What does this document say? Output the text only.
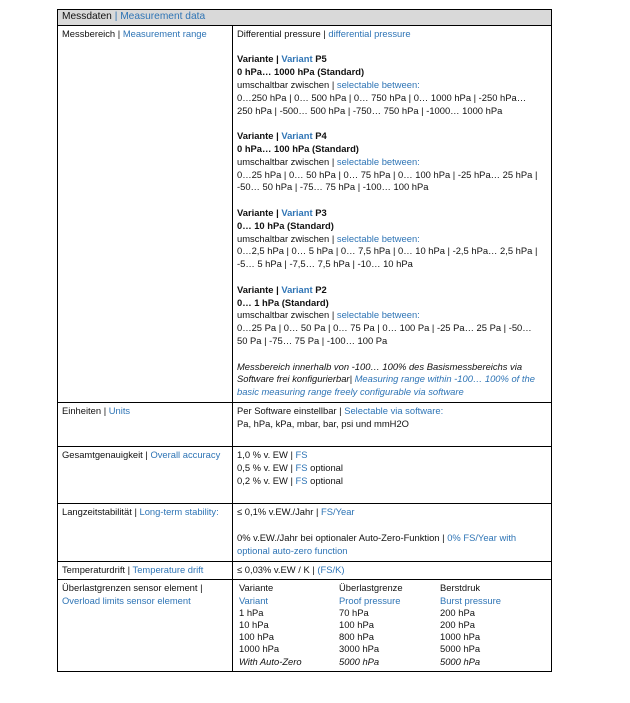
Messdaten | Measurement data
Messbereich | Measurement range	Differential pressure | differential pressure
Variante | Variant P5
0 hPa… 1000 hPa (Standard)
umschaltbar zwischen | selectable between:
0…250 hPa | 0… 500 hPa | 0… 750 hPa | 0… 1000 hPa | -250 hPa…
250 hPa | -500… 500 hPa | -750… 750 hPa | -1000… 1000 hPa
Variante | Variant P4
0 hPa… 100 hPa (Standard)
umschaltbar zwischen | selectable between:
0…25 hPa | 0… 50 hPa | 0… 75 hPa | 0… 100 hPa | -25 hPa… 25 hPa |
-50… 50 hPa | -75… 75 hPa | -100… 100 hPa
Variante | Variant P3
0… 10 hPa (Standard)
umschaltbar zwischen | selectable between:
0…2,5 hPa | 0… 5 hPa | 0… 7,5 hPa | 0… 10 hPa | -2,5 hPa… 2,5 hPa |
-5… 5 hPa | -7,5… 7,5 hPa | -10… 10 hPa
Variante | Variant P2
0… 1 hPa (Standard)
umschaltbar zwischen | selectable between:
0…25 Pa | 0… 50 Pa | 0… 75 Pa | 0… 100 Pa | -25 Pa… 25 Pa | -50…
50 Pa | -75… 75 Pa | -100… 100 Pa
Messbereich innerhalb von -100… 100% des Basismessbereichs via Software frei konfigurierbar| Measuring range within -100… 100% of the basic measuring range freely configurable via software

Einheiten | Units	Per Software einstellbar | Selectable via software:
Pa, hPa, kPa, mbar, bar, psi und mmH2O

Gesamtgenauigkeit | Overall accuracy	1,0 % v. EW | FS
0,5 % v. EW | FS optional
0,2 % v. EW | FS optional

Langzeitstabilität | Long-term stability:	≤ 0,1% v.EW./Jahr | FS/Year

0% v.EW./Jahr bei optionaler Auto-Zero-Funktion | 0% FS/Year with optional auto-zero function

Temperaturdrift | Temperature drift	≤ 0,03% v.EW / K | (FS/K)

Überlastgrenzen sensor element |
Overload limits sensor element

Variante	Überlastgrenze	Berstdruk
Variant	Proof pressure	Burst pressure
1 hPa	70 hPa	200 hPa
10 hPa	100 hPa	200 hPa
100 hPa	800 hPa	1000 hPa
1000 hPa	3000 hPa	5000 hPa
With Auto-Zero	5000 hPa	5000 hPa
